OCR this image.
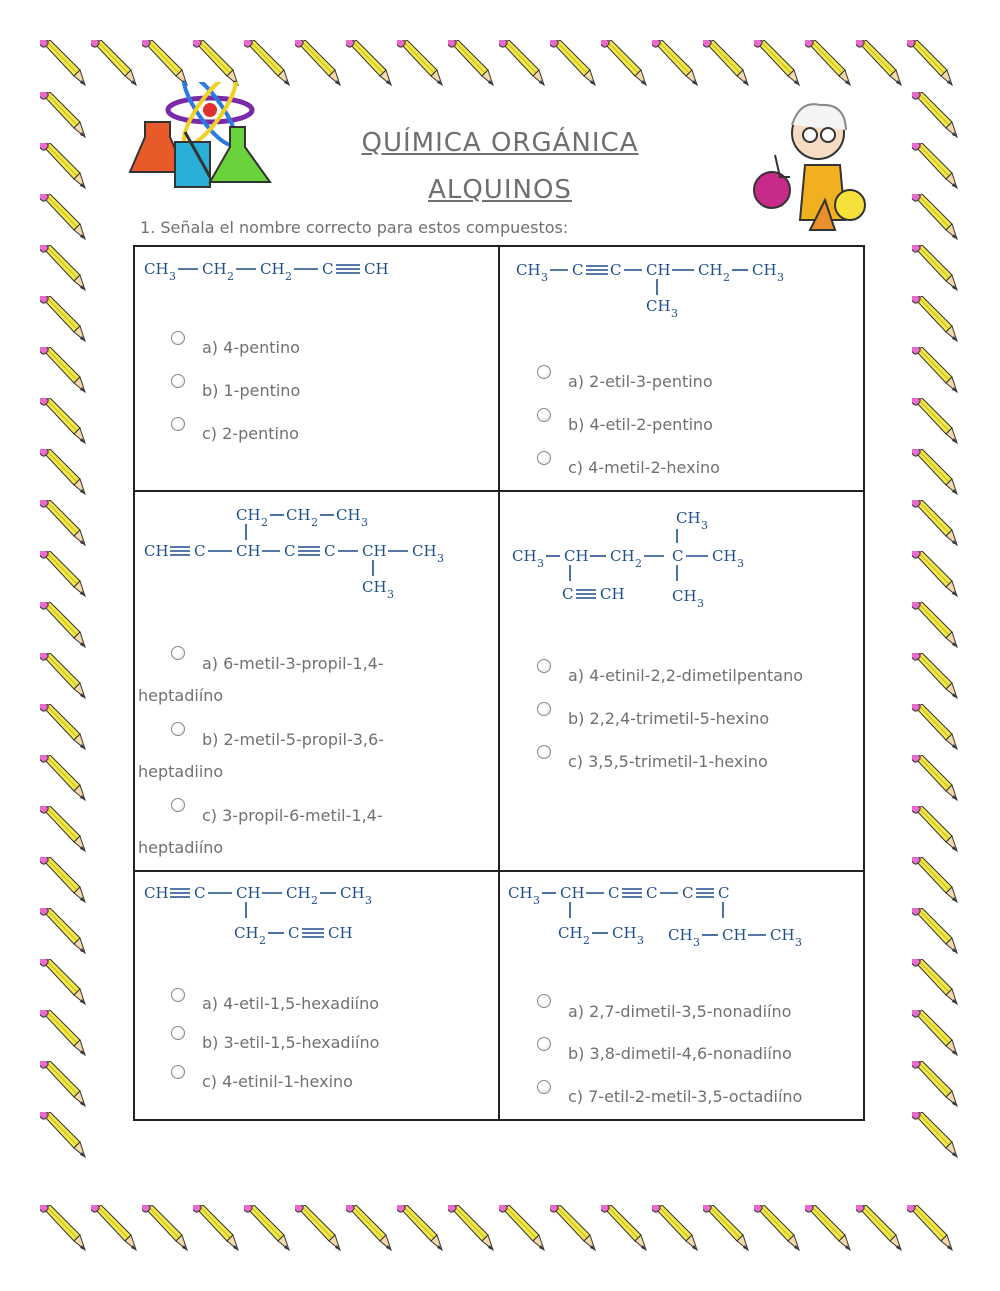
QUÍMICA ORGÁNICA
ALQUINOS
1. Señala el nombre correcto para estos compuestos:
CH 3 CH 2 CH 2 C CH	CH 3 C C CH CH 2 CH 3
CH 3
CH 2 CH 2 CH 3
CH C CH C C CH CH 3
CH 3
CH 3
CH 3 CH CH 2 C CH 3
C CH	CH 3
CH C CH CH 2 CH 3
CH 2 C CH
CH 3 CH C C C C
CH 2 CH 3 CH 3 CH CH 3
a) 4-pentino
b) 1-pentino
c) 2-pentino
a) 2-etil-3-pentino
b) 4-etil-2-pentino
c) 4-metil-2-hexino
a) 6-metil-3-propil-1,4-
heptadiíno
b) 2-metil-5-propil-3,6-
heptadiino
c) 3-propil-6-metil-1,4-
heptadiíno
a) 4-etinil-2,2-dimetilpentano
b) 2,2,4-trimetil-5-hexino
c) 3,5,5-trimetil-1-hexino
a) 4-etil-1,5-hexadiíno
b) 3-etil-1,5-hexadiíno
c) 4-etinil-1-hexino
a) 2,7-dimetil-3,5-nonadiíno
b) 3,8-dimetil-4,6-nonadiíno
c) 7-etil-2-metil-3,5-octadiíno
